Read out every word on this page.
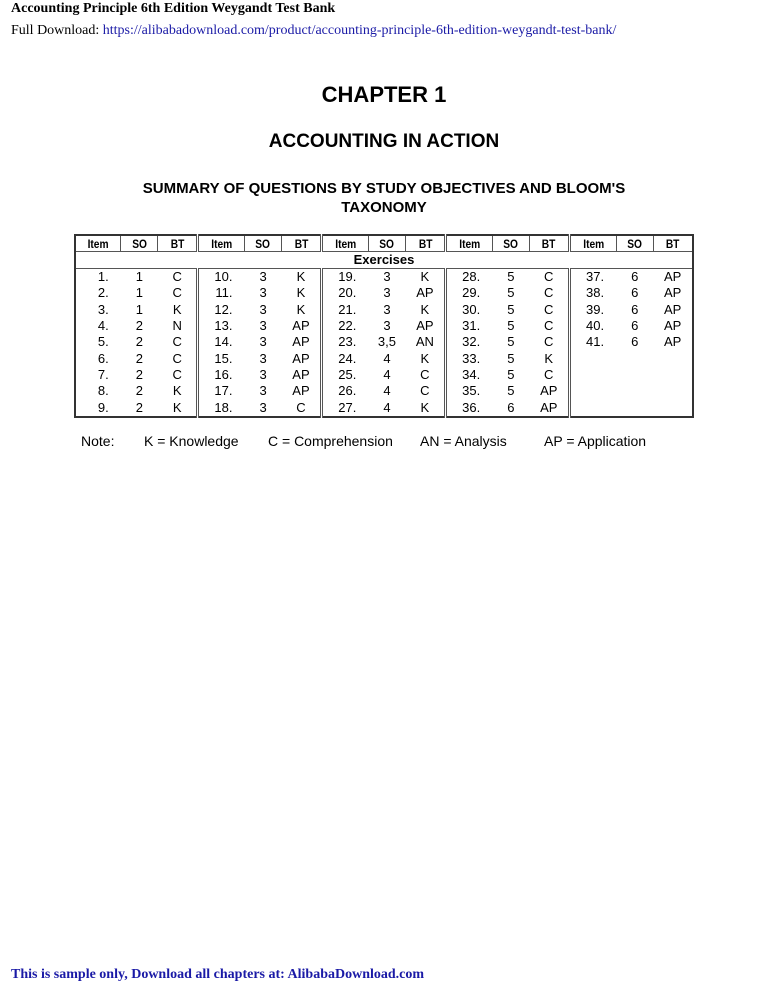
Accounting Principle 6th Edition Weygandt Test Bank
Full Download: https://alibabadownload.com/product/accounting-principle-6th-edition-weygandt-test-bank/
CHAPTER 1
ACCOUNTING IN ACTION
SUMMARY OF QUESTIONS BY STUDY OBJECTIVES AND BLOOM'S TAXONOMY
Item	SO	BT	Item	SO	BT	Item	SO	BT	Item	SO	BT	Item	SO	BT
Exercises														
1.	1	C	10.	3	K	19.	3	K	28.	5	C	37.	6	AP
2.	1	C	11.	3	K	20.	3	AP	29.	5	C	38.	6	AP
3.	1	K	12.	3	K	21.	3	K	30.	5	C	39.	6	AP
4.	2	N	13.	3	AP	22.	3	AP	31.	5	C	40.	6	AP
5.	2	C	14.	3	AP	23.	3,5	AN	32.	5	C	41.	6	AP
6.	2	C	15.	3	AP	24.	4	K	33.	5	K			
7.	2	C	16.	3	AP	25.	4	C	34.	5	C			
8.	2	K	17.	3	AP	26.	4	C	35.	5	AP			
9.	2	K	18.	3	C	27.	4	K	36.	6	AP			
Note: K = Knowledge C = Comprehension AN = Analysis	AP = Application
This is sample only, Download all chapters at: AlibabaDownload.com
